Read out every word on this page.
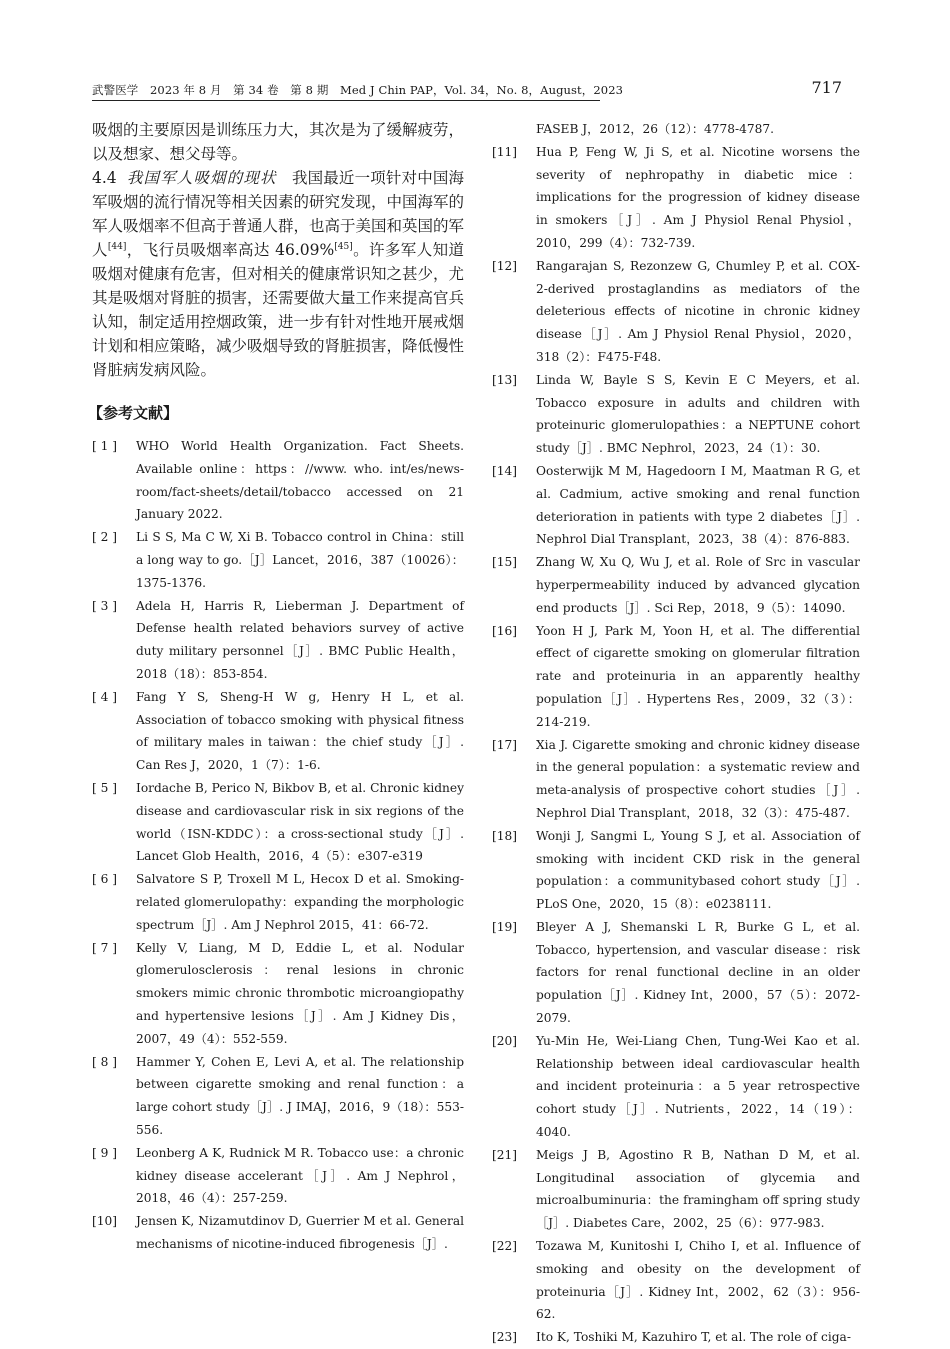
武警医学　2023 年 8 月　第 34 卷　第 8 期　Med J Chin PAP，Vol. 34，No. 8，August，2023	717

吸烟的主要原因是训练压力大，其次是为了缓解疲劳，以及想家、想父母等。

4.4 我国军人吸烟的现状 我国最近一项针对中国海军吸烟的流行情况等相关因素的研究发现，中国海军的军人吸烟率不但高于普通人群，也高于美国和英国的军人[44]，飞行员吸烟率高达 46.09%[45]。许多军人知道吸烟对健康有危害，但对相关的健康常识知之甚少，尤其是吸烟对肾脏的损害，还需要做大量工作来提高官兵认知，制定适用控烟政策，进一步有针对性地开展戒烟计划和相应策略，减少吸烟导致的肾脏损害，降低慢性肾脏病发病风险。

【参考文献】
[ 1 ]	WHO World Health Organization. Fact Sheets. Available online：https：//www. who. int/es/news-room/fact-sheets/detail/tobacco accessed on 21 January 2022.
[ 2 ]	Li S S, Ma C W, Xi B. Tobacco control in China：still a long way to go.［J］Lancet，2016，387（10026）：1375-1376.
[ 3 ]	Adela H, Harris R, Lieberman J. Department of Defense health related behaviors survey of active duty military personnel［J］. BMC Public Health，2018（18）：853-854.
[ 4 ]	Fang Y S, Sheng-H W g, Henry H L, et al. Association of tobacco smoking with physical fitness of military males in taiwan：the chief study［J］. Can Res J，2020，1（7）：1-6.
[ 5 ]	Iordache B, Perico N, Bikbov B, et al. Chronic kidney disease and cardiovascular risk in six regions of the world（ISN-KDDC）：a cross-sectional study［J］. Lancet Glob Health，2016，4（5）：e307-e319
[ 6 ]	Salvatore S P, Troxell M L, Hecox D et al. Smoking-related glomerulopathy：expanding the morphologic spectrum［J］. Am J Nephrol 2015，41：66-72.
[ 7 ]	Kelly V, Liang, M D, Eddie L, et al. Nodular glomerulosclerosis：renal lesions in chronic smokers mimic chronic thrombotic microangiopathy and hypertensive lesions［J］. Am J Kidney Dis，2007，49（4）：552-559.
[ 8 ]	Hammer Y, Cohen E, Levi A, et al. The relationship between cigarette smoking and renal function：a large cohort study［J］. J IMAJ，2016，9（18）：553-556.
[ 9 ]	Leonberg A K, Rudnick M R. Tobacco use：a chronic kidney disease accelerant［J］. Am J Nephrol，2018，46（4）：257-259.
[10]	Jensen K, Nizamutdinov D, Guerrier M et al. General mechanisms of nicotine-induced fibrogenesis［J］.
FASEB J，2012，26（12）：4778-4787.
[11]	Hua P, Feng W, Ji S, et al. Nicotine worsens the severity of nephropathy in diabetic mice：implications for the progression of kidney disease in smokers［J］. Am J Physiol Renal Physiol，2010，299（4）：732-739.
[12]	Rangarajan S, Rezonzew G, Chumley P, et al. COX-2-derived prostaglandins as mediators of the deleterious effects of nicotine in chronic kidney disease［J］. Am J Physiol Renal Physiol，2020，318（2）：F475-F48.
[13]	Linda W, Bayle S S, Kevin E C Meyers, et al. Tobacco exposure in adults and children with proteinuric glomerulopathies：a NEPTUNE cohort study［J］. BMC Nephrol，2023，24（1）：30.
[14]	Oosterwijk M M, Hagedoorn I M, Maatman R G, et al. Cadmium, active smoking and renal function deterioration in patients with type 2 diabetes［J］. Nephrol Dial Transplant，2023，38（4）：876-883.
[15]	Zhang W, Xu Q, Wu J, et al. Role of Src in vascular hyperpermeability induced by advanced glycation end products［J］. Sci Rep，2018，9（5）：14090.
[16]	Yoon H J, Park M, Yoon H, et al. The differential effect of cigarette smoking on glomerular filtration rate and proteinuria in an apparently healthy population［J］. Hypertens Res，2009，32（3）：214-219.
[17]	Xia J. Cigarette smoking and chronic kidney disease in the general population：a systematic review and meta-analysis of prospective cohort studies［J］. Nephrol Dial Transplant，2018，32（3）：475-487.
[18]	Wonji J, Sangmi L, Young S J, et al. Association of smoking with incident CKD risk in the general population：a communitybased cohort study［J］. PLoS One，2020，15（8）：e0238111.
[19]	Bleyer A J, Shemanski L R, Burke G L, et al. Tobacco, hypertension, and vascular disease：risk factors for renal functional decline in an older population［J］. Kidney Int，2000，57（5）：2072-2079.
[20]	Yu-Min He, Wei-Liang Chen, Tung-Wei Kao et al. Relationship between ideal cardiovascular health and incident proteinuria：a 5 year retrospective cohort study［J］. Nutrients，2022，14（19）：4040.
[21]	Meigs J B, Agostino R B, Nathan D M, et al. Longitudinal association of glycemia and microalbuminuria：the framingham off spring study［J］. Diabetes Care，2002，25（6）：977-983.
[22]	Tozawa M, Kunitoshi I, Chiho I, et al. Influence of smoking and obesity on the development of proteinuria［J］. Kidney Int，2002，62（3）：956-62.
[23]	Ito K, Toshiki M, Kazuhiro T, et al. The role of ciga-
